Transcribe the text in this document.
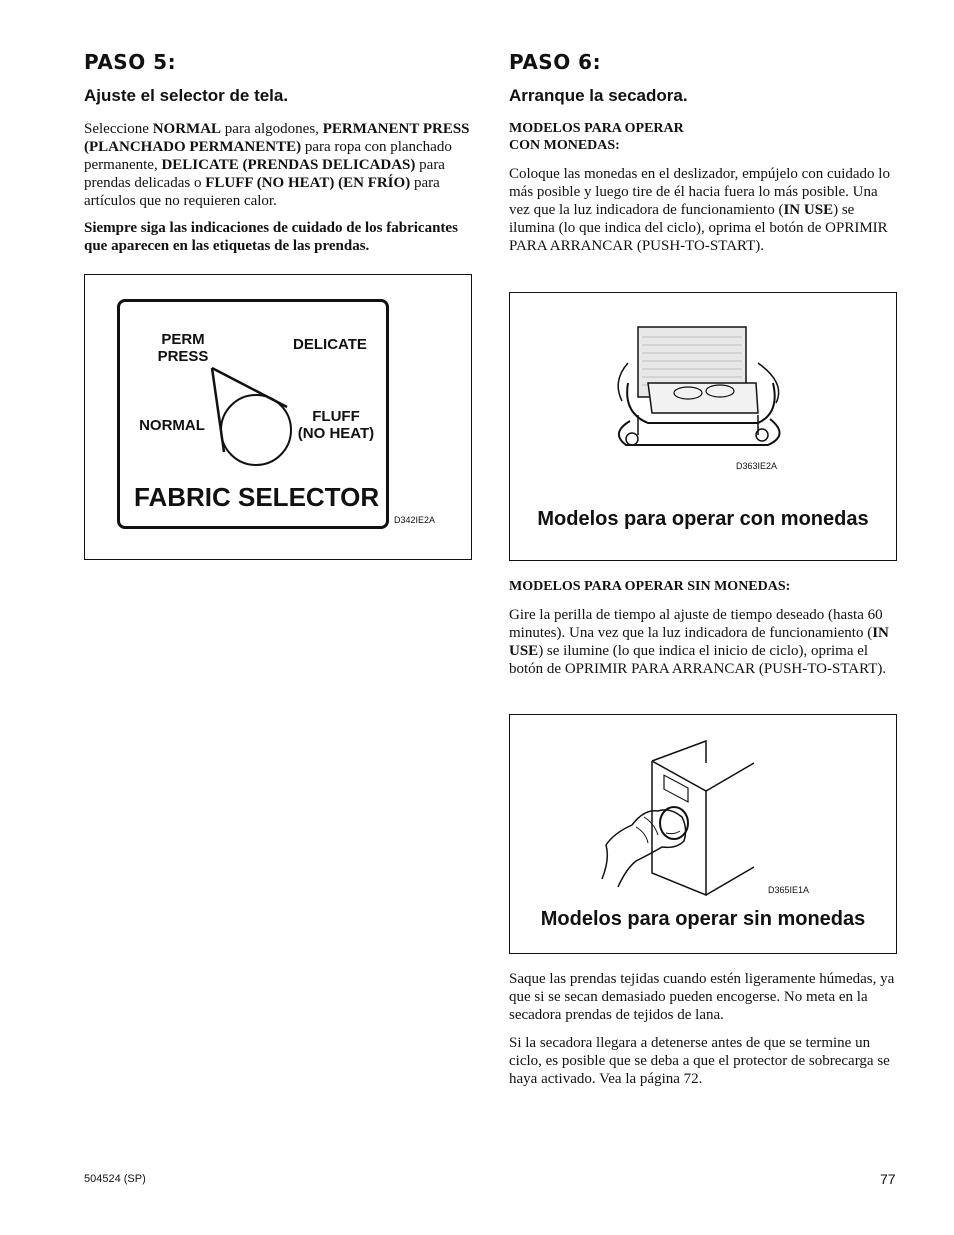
PASO 5:
Ajuste el selector de tela.

Seleccione NORMAL para algodones, PERMANENT PRESS (PLANCHADO PERMANENTE) para ropa con planchado permanente, DELICATE (PRENDAS DELICADAS) para prendas delicadas o FLUFF (NO HEAT) (EN FRÍO) para artículos que no requieren calor.

Siempre siga las indicaciones de cuidado de los fabricantes que aparecen en las etiquetas de las prendas.

PERM
PRESS
DELICATE
NORMAL
FLUFF
(NO HEAT)
FABRIC SELECTOR
D342IE2A
PASO 6:
Arranque la secadora.
MODELOS PARA OPERAR
CON MONEDAS:

Coloque las monedas en el deslizador, empújelo con cuidado lo más posible y luego tire de él hacia fuera lo más posible. Una vez que la luz indicadora de funcionamiento (IN USE) se ilumina (lo que indica del ciclo), oprima el botón de OPRIMIR PARA ARRANCAR (PUSH-TO-START).

D363IE2A
Modelos para operar con monedas
MODELOS PARA OPERAR SIN MONEDAS:

Gire la perilla de tiempo al ajuste de tiempo deseado (hasta 60 minutes). Una vez que la luz indicadora de funcionamiento (IN USE) se ilumine (lo que indica el inicio de ciclo), oprima el botón de OPRIMIR PARA ARRANCAR (PUSH-TO-START).

D365IE1A
Modelos para operar sin monedas

Saque las prendas tejidas cuando estén ligeramente húmedas, ya que si se secan demasiado pueden encogerse. No meta en la secadora prendas de tejidos de lana.

Si la secadora llegara a detenerse antes de que se termine un ciclo, es posible que se deba a que el protector de sobrecarga se haya activado. Vea la página 72.

504524 (SP)	77
